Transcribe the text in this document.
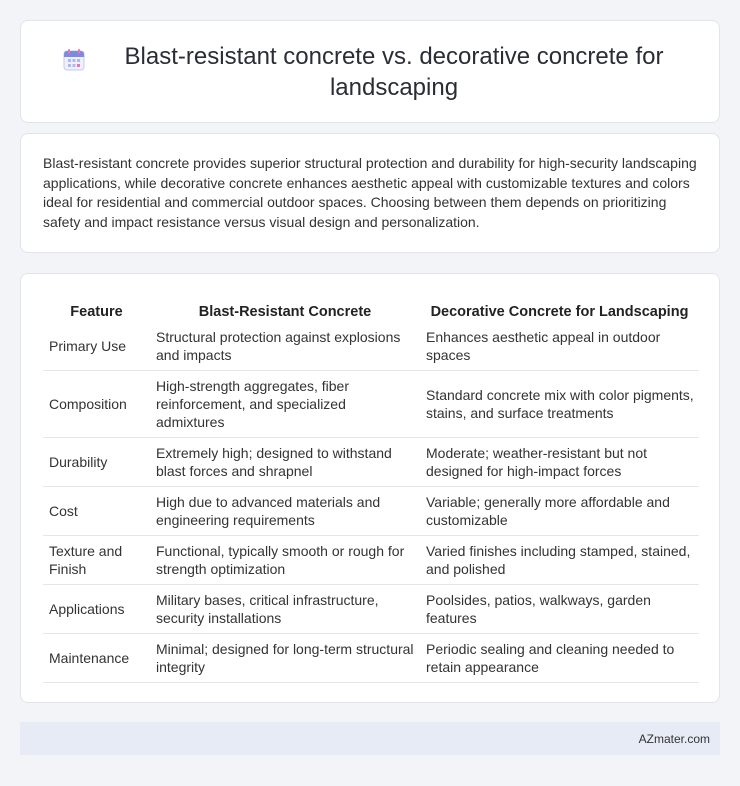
Blast-resistant concrete vs. decorative concrete for landscaping

Blast-resistant concrete provides superior structural protection and durability for high-security landscaping applications, while decorative concrete enhances aesthetic appeal with customizable textures and colors ideal for residential and commercial outdoor spaces. Choosing between them depends on prioritizing safety and impact resistance versus visual design and personalization.

Feature	Blast-Resistant Concrete	Decorative Concrete for Landscaping
Primary Use	Structural protection against explosions and impacts	Enhances aesthetic appeal in outdoor spaces
Composition	High-strength aggregates, fiber reinforcement, and specialized admixtures	Standard concrete mix with color pigments, stains, and surface treatments
Durability	Extremely high; designed to withstand blast forces and shrapnel	Moderate; weather-resistant but not designed for high-impact forces
Cost	High due to advanced materials and engineering requirements	Variable; generally more affordable and customizable
Texture and Finish	Functional, typically smooth or rough for strength optimization	Varied finishes including stamped, stained, and polished
Applications	Military bases, critical infrastructure, security installations	Poolsides, patios, walkways, garden features
Maintenance	Minimal; designed for long-term structural integrity	Periodic sealing and cleaning needed to retain appearance
AZmater.com
